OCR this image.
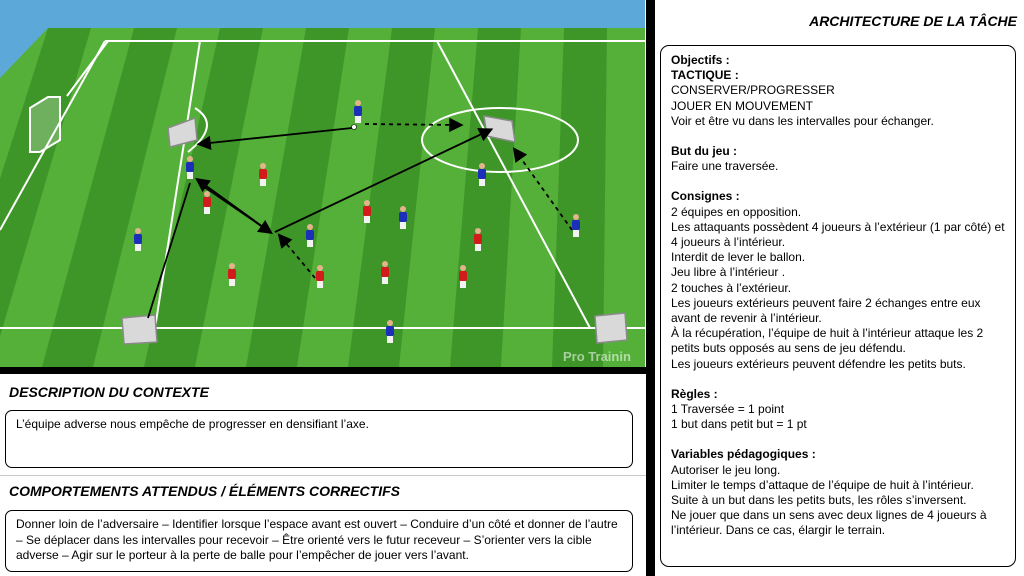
Pro Trainin
ARCHITECTURE DE LA TÂCHE
Objectifs :
TACTIQUE :
CONSERVER/PROGRESSER
JOUER EN MOUVEMENT
Voir et être vu dans les intervalles pour échanger.
But du jeu :
Faire une traversée.
Consignes :
2 équipes en opposition.
Les attaquants possèdent 4 joueurs à l’extérieur (1 par côté) et 4 joueurs à l’intérieur.
Interdit de lever le ballon.
Jeu libre à l’intérieur .
2 touches à l’extérieur.
Les joueurs extérieurs peuvent faire 2 échanges entre eux avant de revenir à l’intérieur.
À la récupération, l’équipe de huit à l’intérieur attaque les 2 petits buts opposés au sens de jeu défendu.
Les joueurs extérieurs peuvent défendre les petits buts.
Règles :
1 Traversée = 1 point
1 but dans petit but = 1 pt
Variables pédagogiques :
Autoriser le jeu long.
Limiter le temps d’attaque de l’équipe de huit à l’intérieur.
Suite à un but dans les petits buts, les rôles s’inversent.
Ne jouer que dans un sens avec deux lignes de 4 joueurs à l’intérieur. Dans ce cas, élargir le terrain.
DESCRIPTION DU CONTEXTE
L’équipe adverse nous empêche de progresser en densifiant l’axe.
COMPORTEMENTS ATTENDUS / ÉLÉMENTS CORRECTIFS
Donner loin de l’adversaire – Identifier lorsque l’espace avant est ouvert – Conduire d’un côté et donner de l’autre – Se déplacer dans les intervalles pour recevoir – Être orienté vers le futur receveur – S’orienter vers la cible adverse – Agir sur le porteur à la perte de balle pour l’empêcher de jouer vers l’avant.
